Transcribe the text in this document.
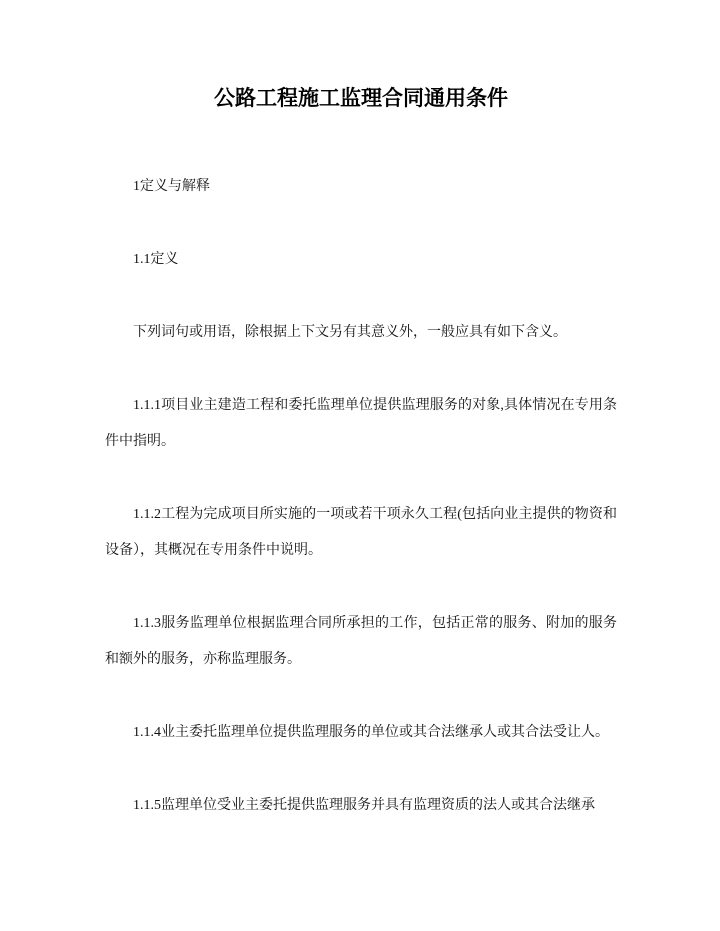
公路工程施工监理合同通用条件

1定义与解释

1.1定义

下列词句或用语，除根据上下文另有其意义外，一般应具有如下含义。

1.1.1项目业主建造工程和委托监理单位提供监理服务的对象,具体情况在专用条件中指明。

1.1.2工程为完成项目所实施的一项或若干项永久工程(包括向业主提供的物资和设备），其概况在专用条件中说明。

1.1.3服务监理单位根据监理合同所承担的工作，包括正常的服务、附加的服务和额外的服务，亦称监理服务。

1.1.4业主委托监理单位提供监理服务的单位或其合法继承人或其合法受让人。

1.1.5监理单位受业主委托提供监理服务并具有监理资质的法人或其合法继承
